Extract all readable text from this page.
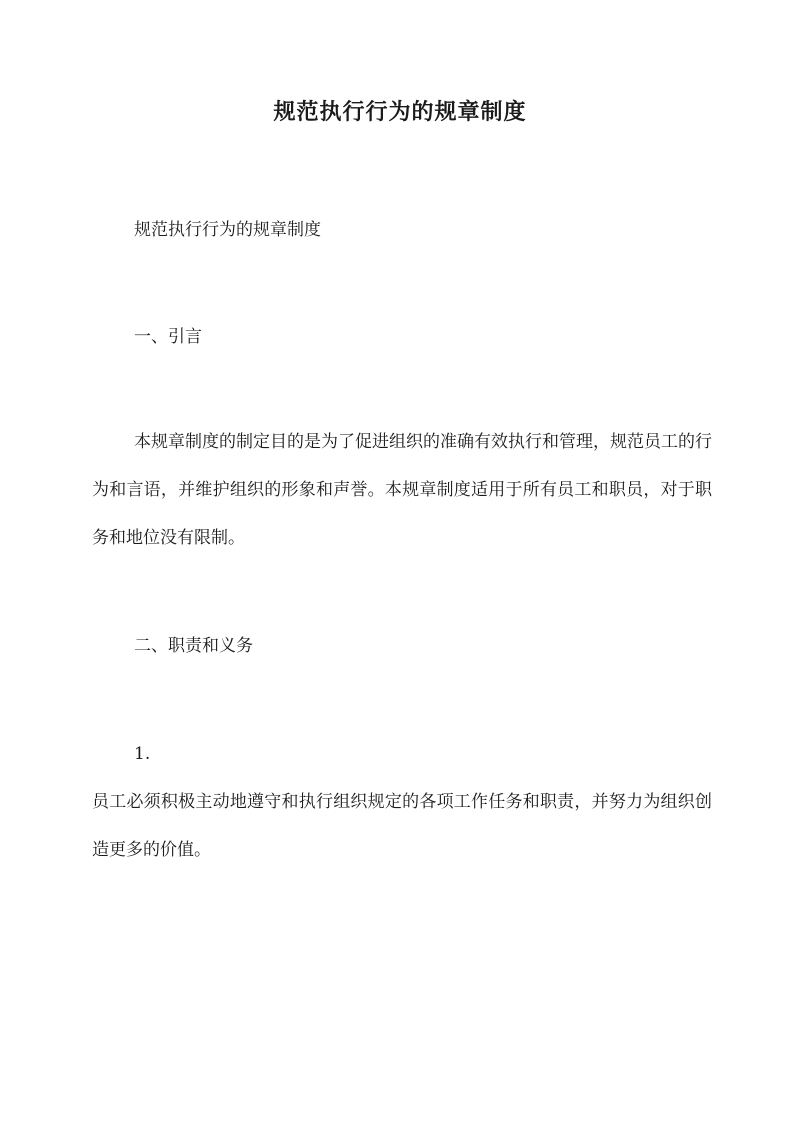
规范执行行为的规章制度
规范执行行为的规章制度
一、引言
本规章制度的制定目的是为了促进组织的准确有效执行和管理，规范员工的行为和言语，并维护组织的形象和声誉。本规章制度适用于所有员工和职员，对于职务和地位没有限制。
二、职责和义务
1.
员工必须积极主动地遵守和执行组织规定的各项工作任务和职责，并努力为组织创造更多的价值。
